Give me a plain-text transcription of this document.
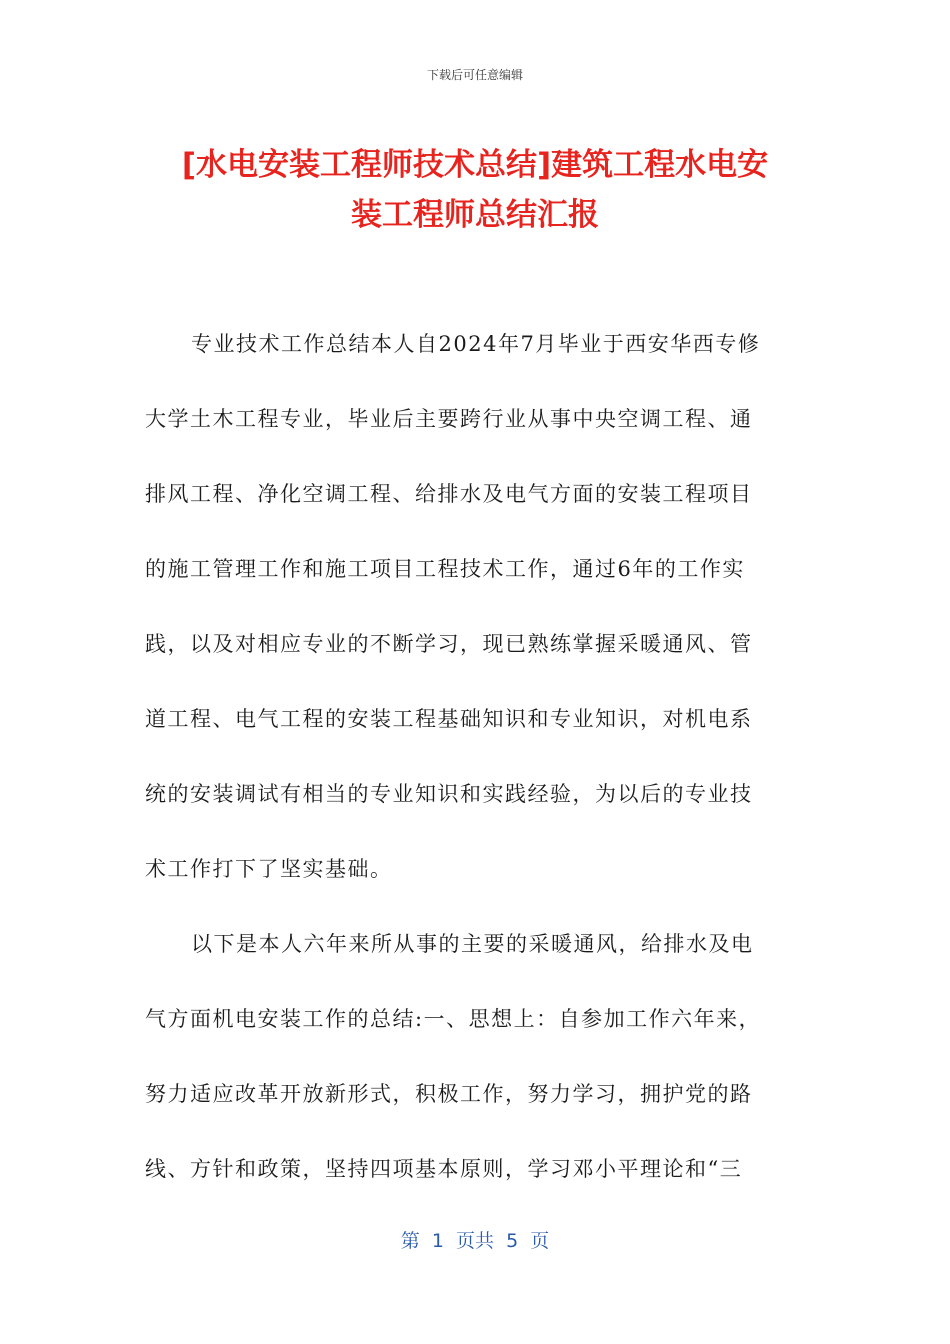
下载后可任意编辑
[水电安装工程师技术总结]建筑工程水电安
装工程师总结汇报
专业技术工作总结本人自2024年7月毕业于西安华西专修
大学土木工程专业，毕业后主要跨行业从事中央空调工程、通
排风工程、净化空调工程、给排水及电气方面的安装工程项目
的施工管理工作和施工项目工程技术工作，通过6年的工作实
践，以及对相应专业的不断学习，现已熟练掌握采暖通风、管
道工程、电气工程的安装工程基础知识和专业知识，对机电系
统的安装调试有相当的专业知识和实践经验，为以后的专业技
术工作打下了坚实基础。
以下是本人六年来所从事的主要的采暖通风，给排水及电
气方面机电安装工作的总结:一、思想上：自参加工作六年来，
努力适应改革开放新形式，积极工作，努力学习，拥护党的路
线、方针和政策，坚持四项基本原则，学习邓小平理论和“三
第  1  页共  5  页
